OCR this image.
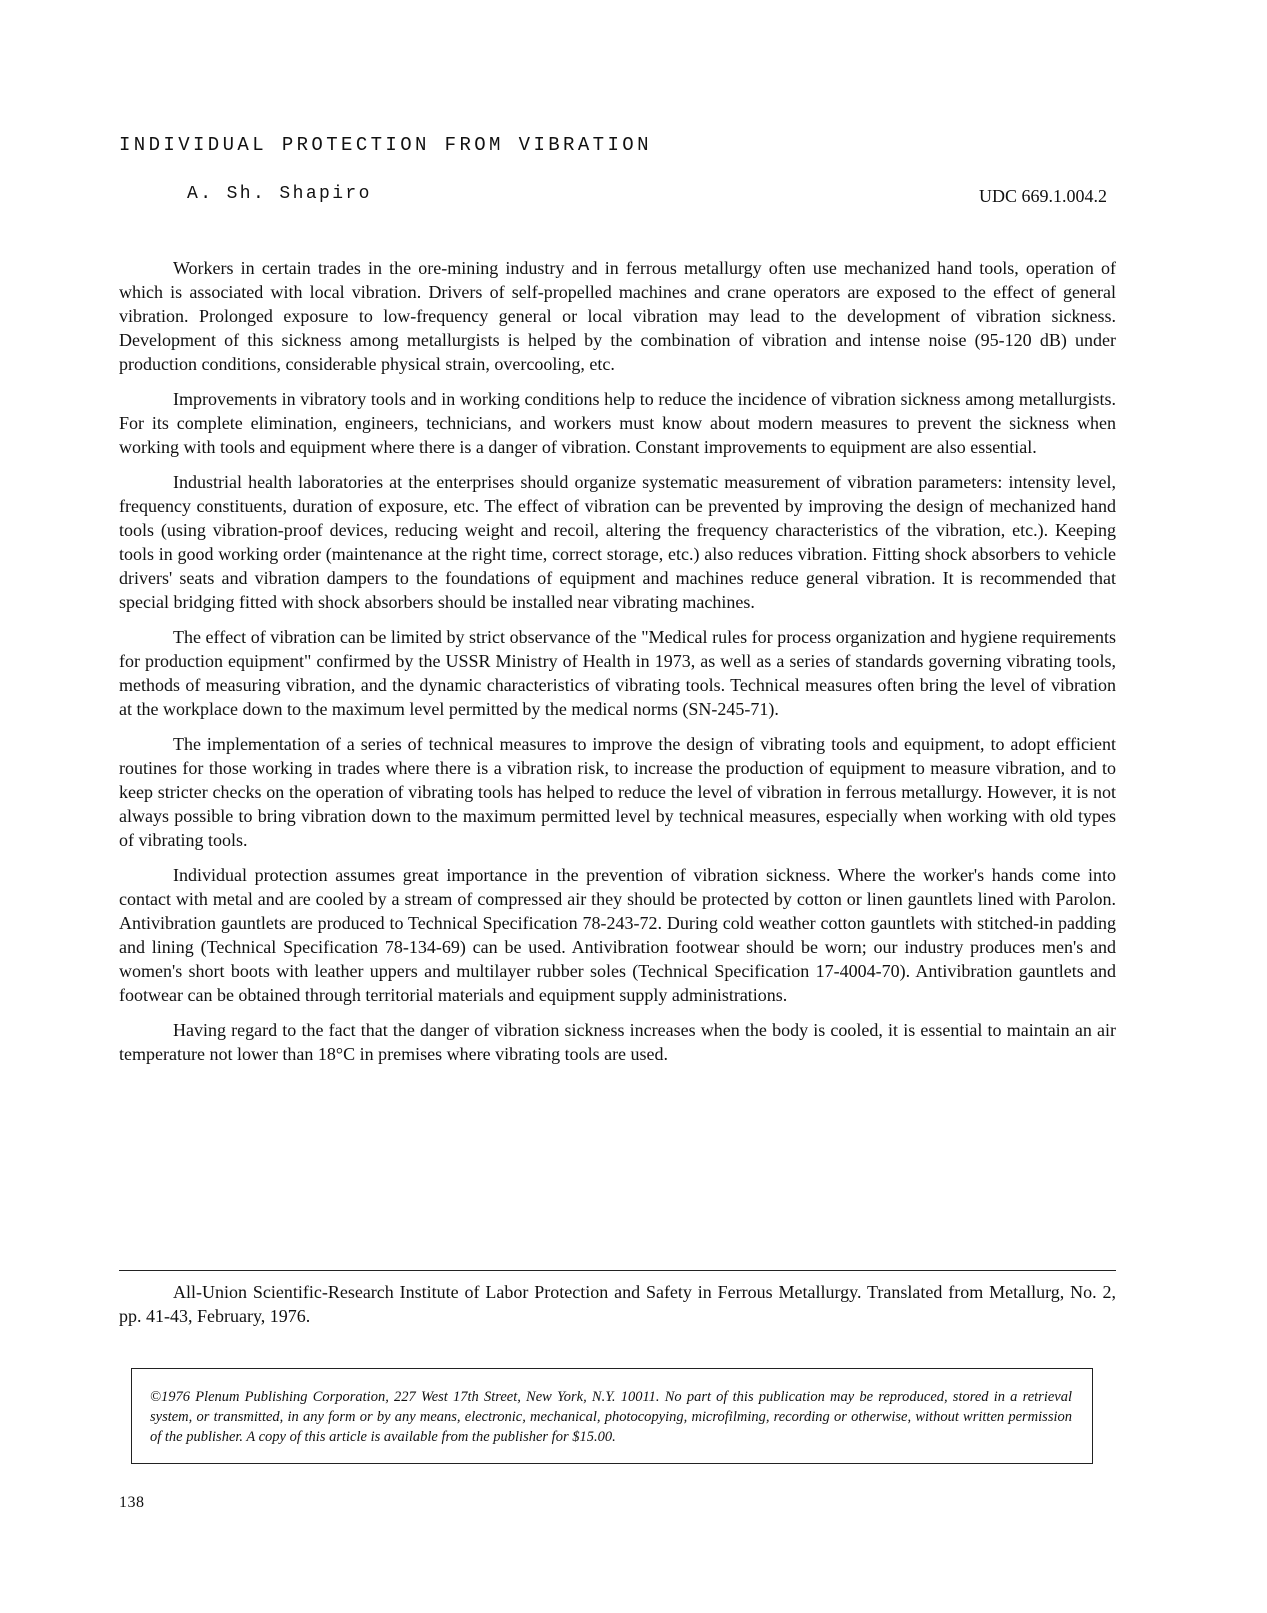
INDIVIDUAL PROTECTION FROM VIBRATION
A. Sh. Shapiro	UDC 669.1.004.2

Workers in certain trades in the ore-mining industry and in ferrous metallurgy often use mechanized hand tools, operation of which is associated with local vibration. Drivers of self-propelled machines and crane operators are exposed to the effect of general vibration. Prolonged exposure to low-frequency general or local vibration may lead to the development of vibration sickness. Development of this sickness among metallurgists is helped by the combination of vibration and intense noise (95-120 dB) under production conditions, considerable physical strain, overcooling, etc.

Improvements in vibratory tools and in working conditions help to reduce the incidence of vibration sickness among metallurgists. For its complete elimination, engineers, technicians, and workers must know about modern measures to prevent the sickness when working with tools and equipment where there is a danger of vibration. Constant improvements to equipment are also essential.

Industrial health laboratories at the enterprises should organize systematic measurement of vibration parameters: intensity level, frequency constituents, duration of exposure, etc. The effect of vibration can be prevented by improving the design of mechanized hand tools (using vibration-proof devices, reducing weight and recoil, altering the frequency characteristics of the vibration, etc.). Keeping tools in good working order (maintenance at the right time, correct storage, etc.) also reduces vibration. Fitting shock absorbers to vehicle drivers' seats and vibration dampers to the foundations of equipment and machines reduce general vibration. It is recommended that special bridging fitted with shock absorbers should be installed near vibrating machines.

The effect of vibration can be limited by strict observance of the "Medical rules for process organization and hygiene requirements for production equipment" confirmed by the USSR Ministry of Health in 1973, as well as a series of standards governing vibrating tools, methods of measuring vibration, and the dynamic characteristics of vibrating tools. Technical measures often bring the level of vibration at the workplace down to the maximum level permitted by the medical norms (SN-245-71).

The implementation of a series of technical measures to improve the design of vibrating tools and equipment, to adopt efficient routines for those working in trades where there is a vibration risk, to increase the production of equipment to measure vibration, and to keep stricter checks on the operation of vibrating tools has helped to reduce the level of vibration in ferrous metallurgy. However, it is not always possible to bring vibration down to the maximum permitted level by technical measures, especially when working with old types of vibrating tools.

Individual protection assumes great importance in the prevention of vibration sickness. Where the worker's hands come into contact with metal and are cooled by a stream of compressed air they should be protected by cotton or linen gauntlets lined with Parolon. Antivibration gauntlets are produced to Technical Specification 78-243-72. During cold weather cotton gauntlets with stitched-in padding and lining (Technical Specification 78-134-69) can be used. Antivibration footwear should be worn; our industry produces men's and women's short boots with leather uppers and multilayer rubber soles (Technical Specification 17-4004-70). Antivibration gauntlets and footwear can be obtained through territorial materials and equipment supply administrations.

Having regard to the fact that the danger of vibration sickness increases when the body is cooled, it is essential to maintain an air temperature not lower than 18°C in premises where vibrating tools are used.

All-Union Scientific-Research Institute of Labor Protection and Safety in Ferrous Metallurgy. Translated from Metallurg, No. 2, pp. 41-43, February, 1976.

©1976 Plenum Publishing Corporation, 227 West 17th Street, New York, N.Y. 10011. No part of this publication may be reproduced, stored in a retrieval system, or transmitted, in any form or by any means, electronic, mechanical, photocopying, microfilming, recording or otherwise, without written permission of the publisher. A copy of this article is available from the publisher for $15.00.
138
